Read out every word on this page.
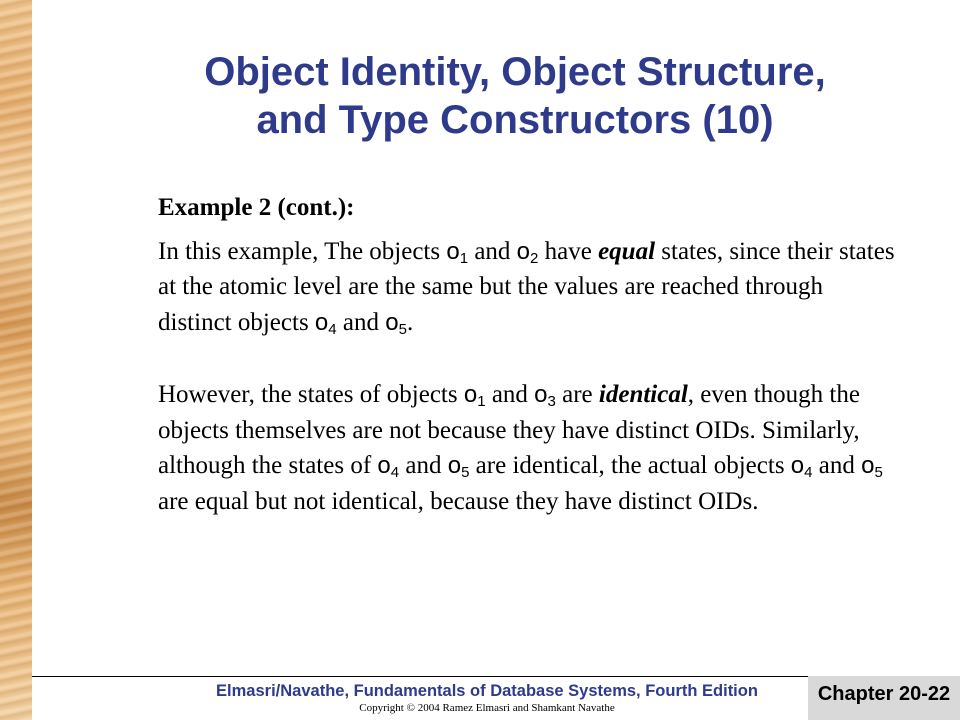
Object Identity, Object Structure,
and Type Constructors (10)

Example 2 (cont.):

In this example, The objects $o_1$ and $o_2$ have equal states, since their states at the atomic level are the same but the values are reached through distinct objects $o_4$ and $o_5$.

However, the states of objects $o_1$ and $o_3$ are identical, even though the objects themselves are not because they have distinct OIDs. Similarly, although the states of $o_4$ and $o_5$ are identical, the actual objects $o_4$ and $o_5$ are equal but not identical, because they have distinct OIDs.

Elmasri/Navathe, Fundamentals of Database Systems, Fourth Edition
Copyright © 2004 Ramez Elmasri and Shamkant Navathe
Chapter 20-22
